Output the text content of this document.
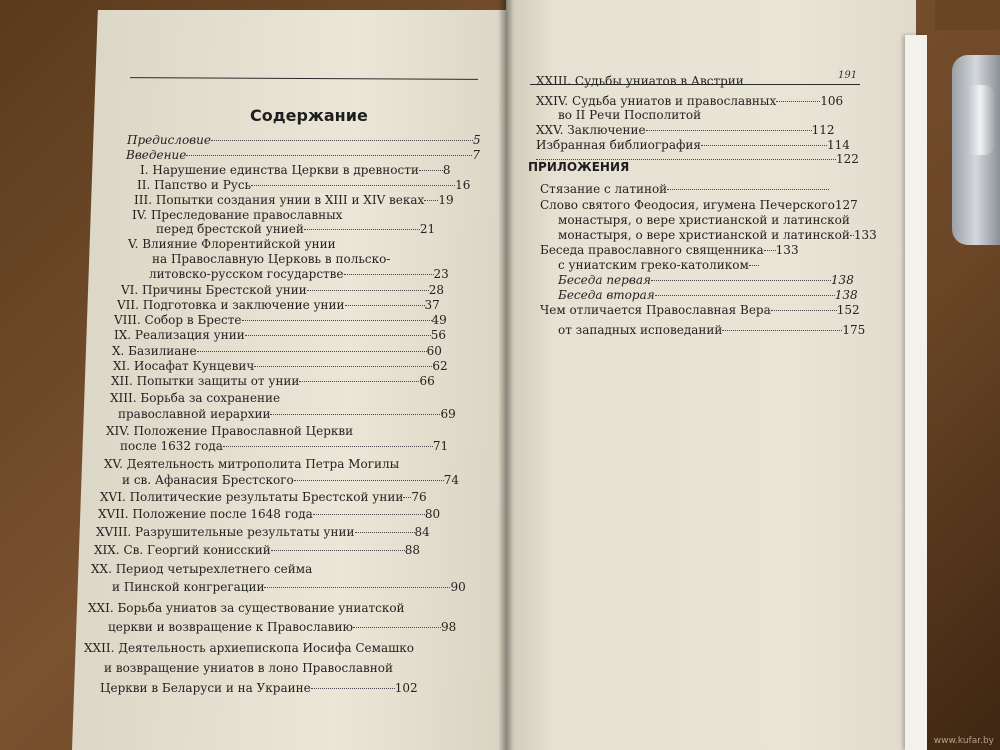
Содержание
191
Предисловие	5
Введение	7
I. Нарушение единства Церкви в древности 8
II. Папство и Русь	16
III. Попытки создания унии в XIII и XIV веках 19
IV. Преследование православных
перед брестской унией	21
V. Влияние Флорентийской унии
на Православную Церковь в польско-
литовско-русском государстве	23
VI. Причины Брестской унии	28
VII. Подготовка и заключение унии	37
VIII. Собор в Бресте	49
IX. Реализация унии	56
X. Базилиане	60
XI. Иосафат Кунцевич	62
XII. Попытки защиты от унии	66
XIII. Борьба за сохранение
православной иерархии	69
XIV. Положение Православной Церкви
после 1632 года	71
XV. Деятельность митрополита Петра Могилы
и св. Афанасия Брестского	74
XVI. Политические результаты Брестской унии 76
XVII. Положение после 1648 года	80
XVIII. Разрушительные результаты унии	84
XIX. Св. Георгий конисский	88
XX. Период четырехлетнего сейма
и Пинской конгрегации	90
XXI. Борьба униатов за существование униатской
церкви и возвращение к Православию	98
XXII. Деятельность архиепископа Иосифа Семашко
и возвращение униатов в лоно Православной
Церкви в Беларуси и на Украине	102
XXIII. Судьбы униатов в Австрии
XXIV. Судьба униатов и православных	106
во II Речи Посполитой
XXV. Заключение	112
Избранная библиография	114
122
ПРИЛОЖЕНИЯ
Стязание с латиной
Слово святого Феодосия, игумена Печерского127
монастыря, о вере христианской и латинской
монастыря, о вере христианской и латинской 133
Беседа православного священника 133
с униатским греко-католиком
Беседа первая	138
Беседа вторая	138
Чем отличается Православная Вера	152
от западных исповеданий	175
www.kufar.by
